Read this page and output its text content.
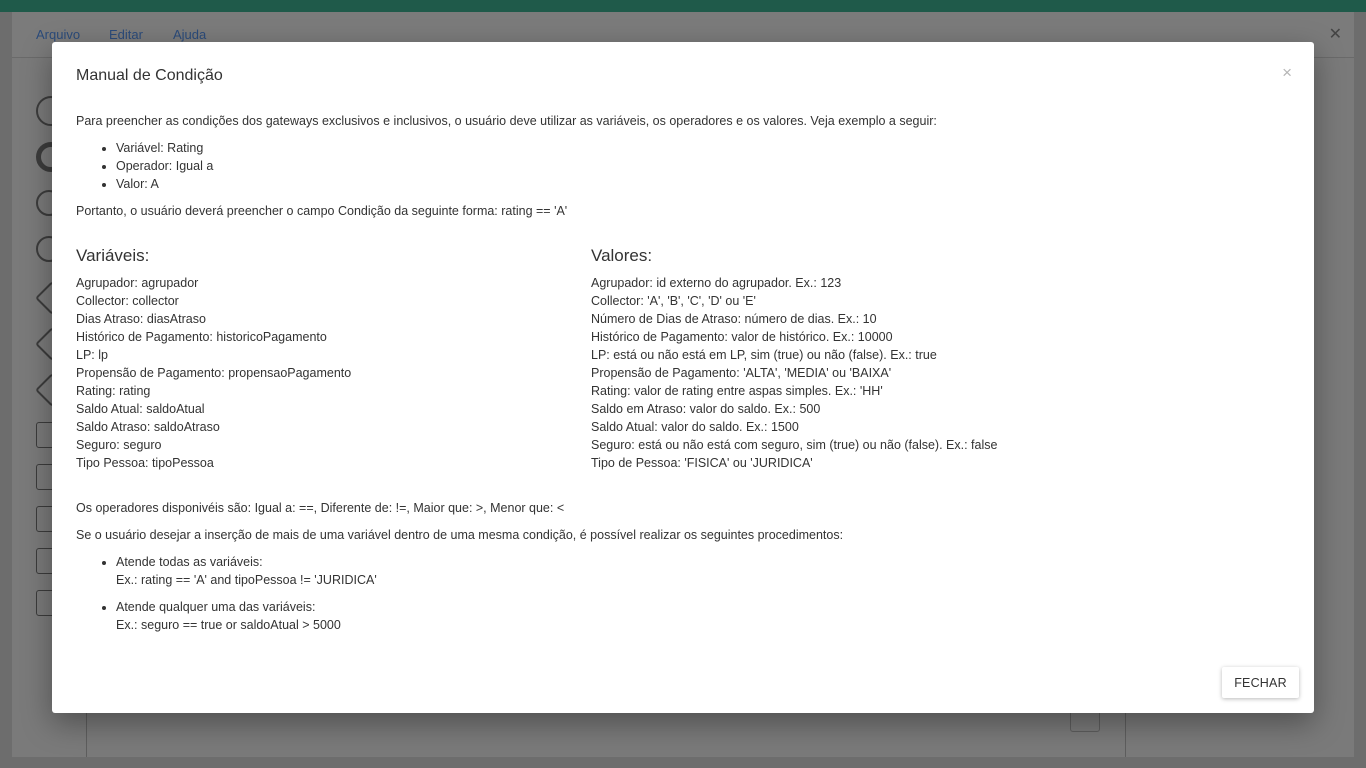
Arquivo Editar Ajuda	✕
Manual de Condição	×

Para preencher as condições dos gateways exclusivos e inclusivos, o usuário deve utilizar as variáveis, os operadores e os valores. Veja exemplo a seguir:

• Variável: Rating
• Operador: Igual a
• Valor: A

Portanto, o usuário deverá preencher o campo Condição da seguinte forma: rating == 'A'

Variáveis:
Agrupador: agrupador
Collector: collector
Dias Atraso: diasAtraso
Histórico de Pagamento: historicoPagamento
LP: lp
Propensão de Pagamento: propensaoPagamento
Rating: rating
Saldo Atual: saldoAtual
Saldo Atraso: saldoAtraso
Seguro: seguro
Tipo Pessoa: tipoPessoa
Valores:
Agrupador: id externo do agrupador. Ex.: 123
Collector: 'A', 'B', 'C', 'D' ou 'E'
Número de Dias de Atraso: número de dias. Ex.: 10
Histórico de Pagamento: valor de histórico. Ex.: 10000
LP: está ou não está em LP, sim (true) ou não (false). Ex.: true
Propensão de Pagamento: 'ALTA', 'MEDIA' ou 'BAIXA'
Rating: valor de rating entre aspas simples. Ex.: 'HH'
Saldo em Atraso: valor do saldo. Ex.: 500
Saldo Atual: valor do saldo. Ex.: 1500
Seguro: está ou não está com seguro, sim (true) ou não (false). Ex.: false
Tipo de Pessoa: 'FISICA' ou 'JURIDICA'

Os operadores disponivéis são: Igual a: ==, Diferente de: !=, Maior que: >, Menor que: <

Se o usuário desejar a inserção de mais de uma variável dentro de uma mesma condição, é possível realizar os seguintes procedimentos:

• Atende todas as variáveis:
Ex.: rating == 'A' and tipoPessoa != 'JURIDICA'
• Atende qualquer uma das variáveis:
Ex.: seguro == true or saldoAtual > 5000
FECHAR
